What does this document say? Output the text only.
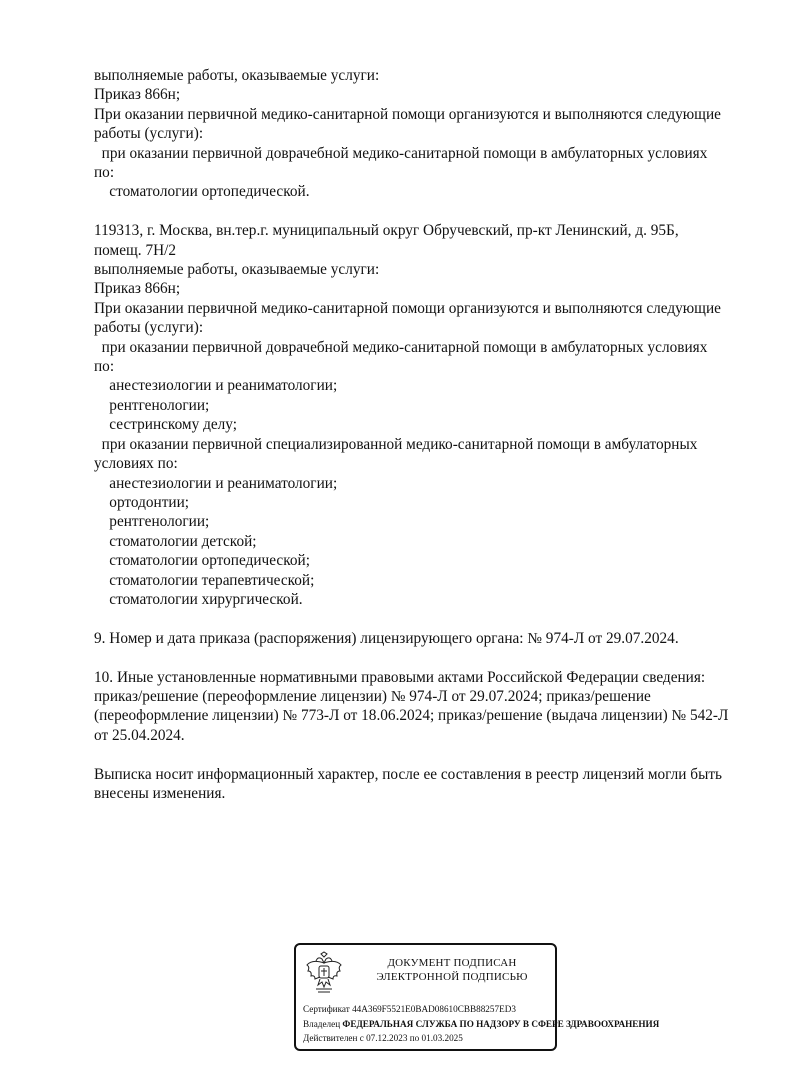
выполняемые работы, оказываемые услуги:
Приказ 866н;
При оказании первичной медико-санитарной помощи организуются и выполняются следующие
работы (услуги):
при оказании первичной доврачебной медико-санитарной помощи в амбулаторных условиях
по:
стоматологии ортопедической.
119313, г. Москва, вн.тер.г. муниципальный округ Обручевский, пр-кт Ленинский, д. 95Б,
помещ. 7Н/2
выполняемые работы, оказываемые услуги:
Приказ 866н;
При оказании первичной медико-санитарной помощи организуются и выполняются следующие
работы (услуги):
при оказании первичной доврачебной медико-санитарной помощи в амбулаторных условиях
по:
анестезиологии и реаниматологии;
рентгенологии;
сестринскому делу;
при оказании первичной специализированной медико-санитарной помощи в амбулаторных
условиях по:
анестезиологии и реаниматологии;
ортодонтии;
рентгенологии;
стоматологии детской;
стоматологии ортопедической;
стоматологии терапевтической;
стоматологии хирургической.
9. Номер и дата приказа (распоряжения) лицензирующего органа: № 974-Л от 29.07.2024.
10. Иные установленные нормативными правовыми актами Российской Федерации сведения:
приказ/решение (переоформление лицензии) № 974-Л от 29.07.2024; приказ/решение
(переоформление лицензии) № 773-Л от 18.06.2024; приказ/решение (выдача лицензии) № 542-Л
от 25.04.2024.
Выписка носит информационный характер, после ее составления в реестр лицензий могли быть
внесены изменения.
ДОКУМЕНТ ПОДПИСАН
ЭЛЕКТРОННОЙ ПОДПИСЬЮ
Сертификат 44A369F5521E0BAD08610CBB88257ED3
Владелец ФЕДЕРАЛЬНАЯ СЛУЖБА ПО НАДЗОРУ В СФЕРЕ ЗДРАВООХРАНЕНИЯ
Действителен с 07.12.2023 по 01.03.2025
